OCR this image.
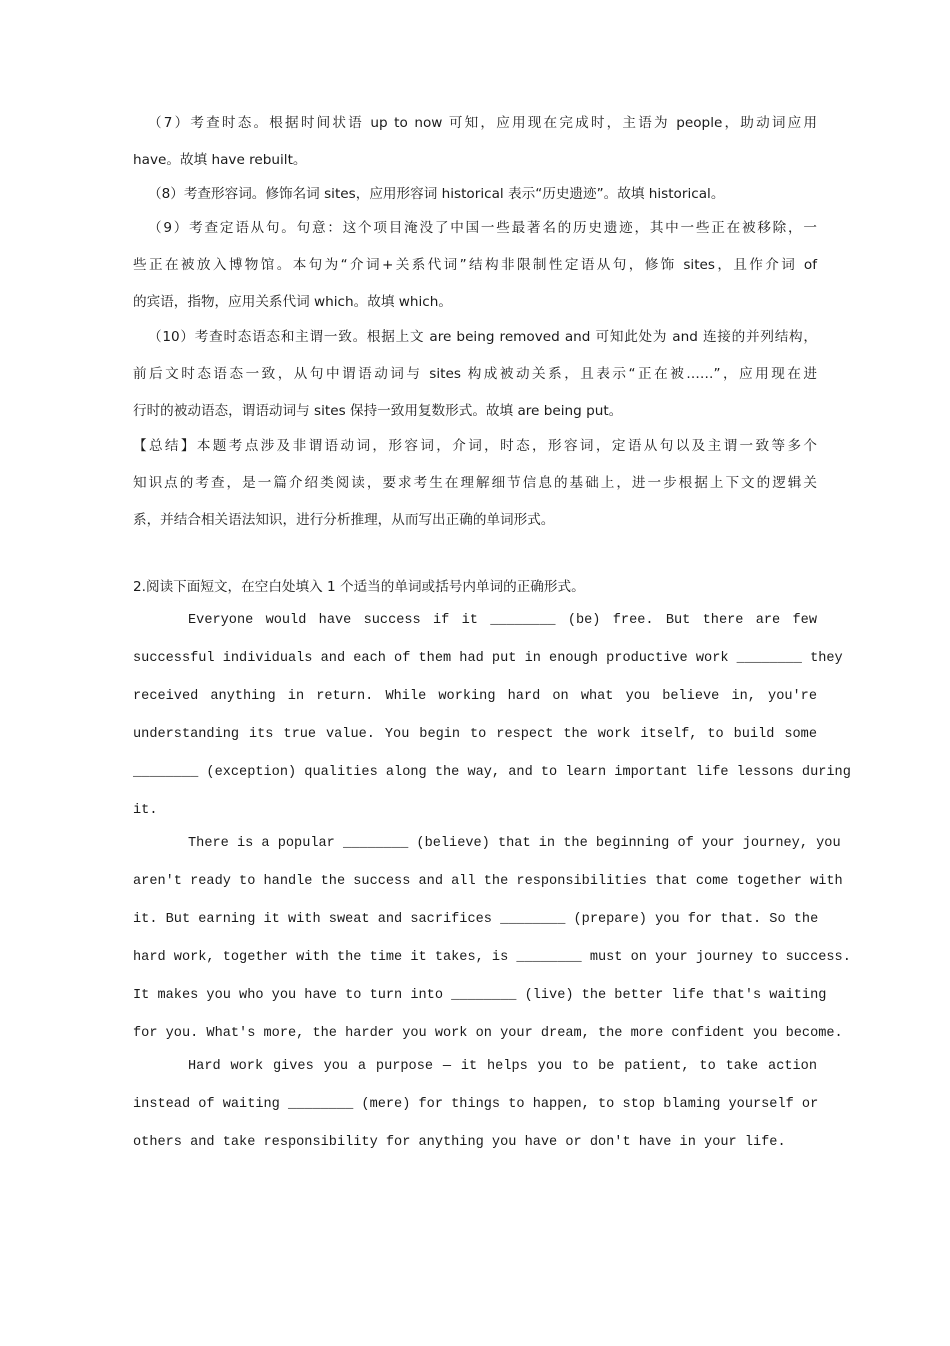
（7）考查时态。根据时间状语 up to now 可知，应用现在完成时，主语为 people，助动词应用
have。故填 have rebuilt。
（8）考查形容词。修饰名词 sites，应用形容词 historical 表示“历史遗迹”。故填 historical。
（9）考查定语从句。句意：这个项目淹没了中国一些最著名的历史遗迹，其中一些正在被移除，一
些正在被放入博物馆。本句为“介词+关系代词”结构非限制性定语从句，修饰 sites，且作介词 of
的宾语，指物，应用关系代词 which。故填 which。
（10）考查时态语态和主谓一致。根据上文 are being removed and 可知此处为 and 连接的并列结构，
前后文时态语态一致，从句中谓语动词与 sites 构成被动关系，且表示“正在被……”，应用现在进
行时的被动语态，谓语动词与 sites 保持一致用复数形式。故填 are being put。
【总结】本题考点涉及非谓语动词，形容词，介词，时态，形容词，定语从句以及主谓一致等多个
知识点的考查，是一篇介绍类阅读，要求考生在理解细节信息的基础上，进一步根据上下文的逻辑关
系，并结合相关语法知识，进行分析推理，从而写出正确的单词形式。
2.阅读下面短文，在空白处填入 1 个适当的单词或括号内单词的正确形式。
Everyone would have success if it ________ (be) free. But there are few
successful individuals and each of them had put in enough productive work ________ they
received anything in return. While working hard on what you believe in, you're
understanding its true value. You begin to respect the work itself, to build some
________ (exception) qualities along the way, and to learn important life lessons during
it.
There is a popular ________ (believe) that in the beginning of your journey, you
aren't ready to handle the success and all the responsibilities that come together with
it. But earning it with sweat and sacrifices ________ (prepare) you for that. So the
hard work, together with the time it takes, is ________ must on your journey to success.
It makes you who you have to turn into ________ (live) the better life that's waiting
for you. What's more, the harder you work on your dream, the more confident you become.
Hard work gives you a purpose — it helps you to be patient, to take action
instead of waiting ________ (mere) for things to happen, to stop blaming yourself or
others and take responsibility for anything you have or don't have in your life.
